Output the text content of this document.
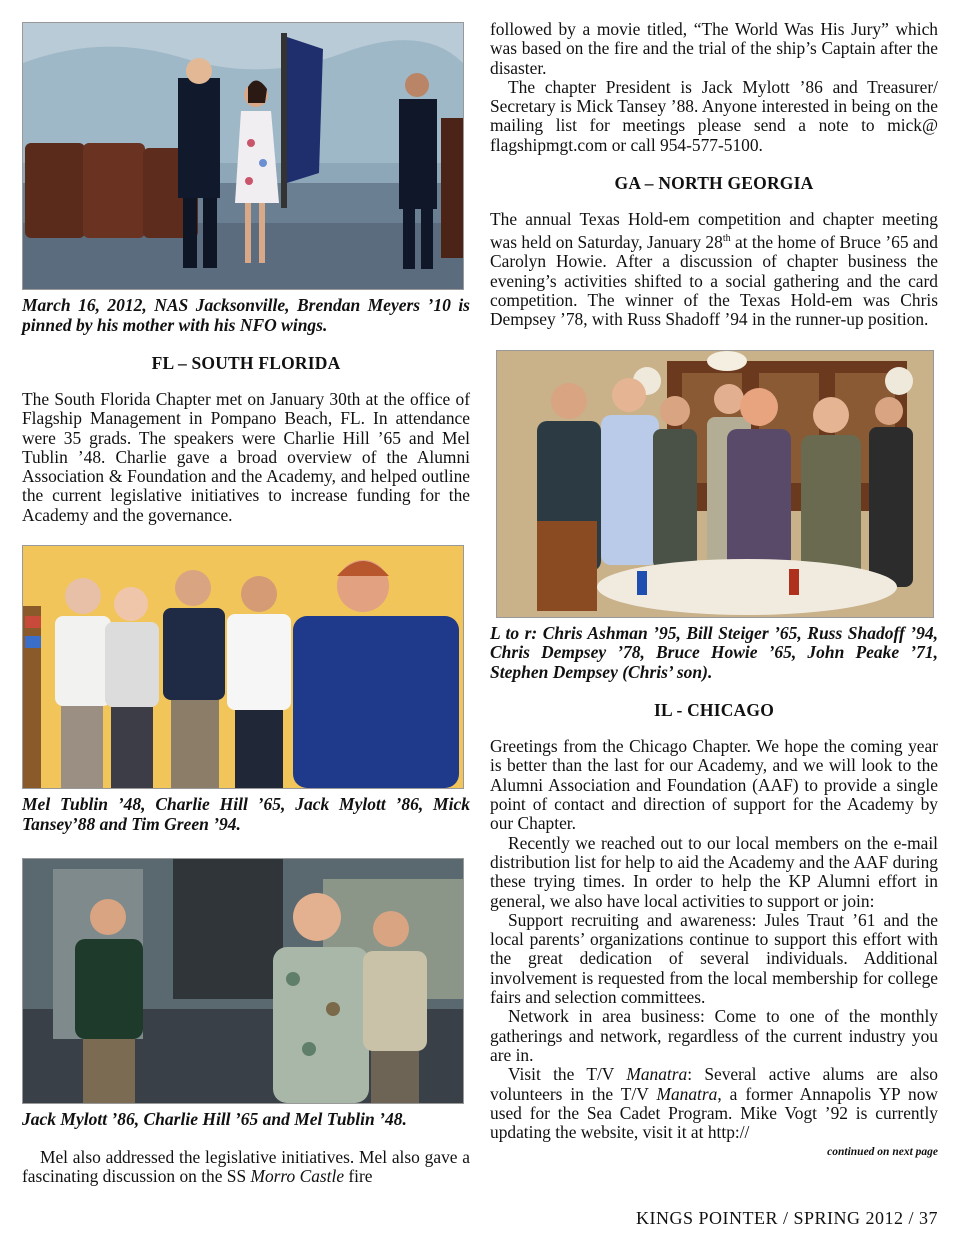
March 16, 2012, NAS Jacksonville, Brendan Meyers ’10 is pinned by his mother with his NFO wings.

FL – SOUTH FLORIDA

The South Florida Chapter met on January 30th at the office of Flagship Management in Pompano Beach, FL. In attendance were 35 grads. The speakers were Charlie Hill ’65 and Mel Tublin ’48. Charlie gave a broad overview of the Alumni Association & Foundation and the Academy, and helped outline the current legislative initiatives to increase funding for the Academy and the governance.

Mel Tublin ’48, Charlie Hill ’65, Jack Mylott ’86, Mick Tansey’88 and Tim Green ’94.

Jack Mylott ’86, Charlie Hill ’65 and Mel Tublin ’48.

Mel also addressed the legislative initiatives. Mel also gave a fascinating discussion on the SS Morro Castle fire

followed by a movie titled, “The World Was His Jury” which was based on the fire and the trial of the ship’s Captain after the disaster.

The chapter President is Jack Mylott ’86 and Treasurer/ Secretary is Mick Tansey ’88. Anyone interested in being on the mailing list for meetings please send a note to mick@ flagshipmgt.com or call 954-577-5100.

GA – NORTH GEORGIA

The annual Texas Hold-em competition and chapter meeting was held on Saturday, January 28th at the home of Bruce ’65 and Carolyn Howie. After a discussion of chapter business the evening’s activities shifted to a social gathering and the card competition. The winner of the Texas Hold-em was Chris Dempsey ’78, with Russ Shadoff ’94 in the runner-up position.

L to r: Chris Ashman ’95, Bill Steiger ’65, Russ Shadoff ’94, Chris Dempsey ’78, Bruce Howie ’65, John Peake ’71, Stephen Dempsey (Chris’ son).

IL - CHICAGO

Greetings from the Chicago Chapter. We hope the coming year is better than the last for our Academy, and we will look to the Alumni Association and Foundation (AAF) to provide a single point of contact and direction of support for the Academy by our Chapter.

Recently we reached out to our local members on the e-mail distribution list for help to aid the Academy and the AAF during these trying times. In order to help the KP Alumni effort in general, we also have local activities to support or join:

Support recruiting and awareness: Jules Traut ’61 and the local parents’ organizations continue to support this effort with the great dedication of several individuals. Additional involvement is requested from the local membership for college fairs and selection committees.

Network in area business: Come to one of the monthly gatherings and network, regardless of the current industry you are in.

Visit the T/V Manatra: Several active alums are also volunteers in the T/V Manatra, a former Annapolis YP now used for the Sea Cadet Program. Mike Vogt ’92 is currently updating the website, visit it at http://

continued on next page
KINGS POINTER / SPRING 2012 / 37
